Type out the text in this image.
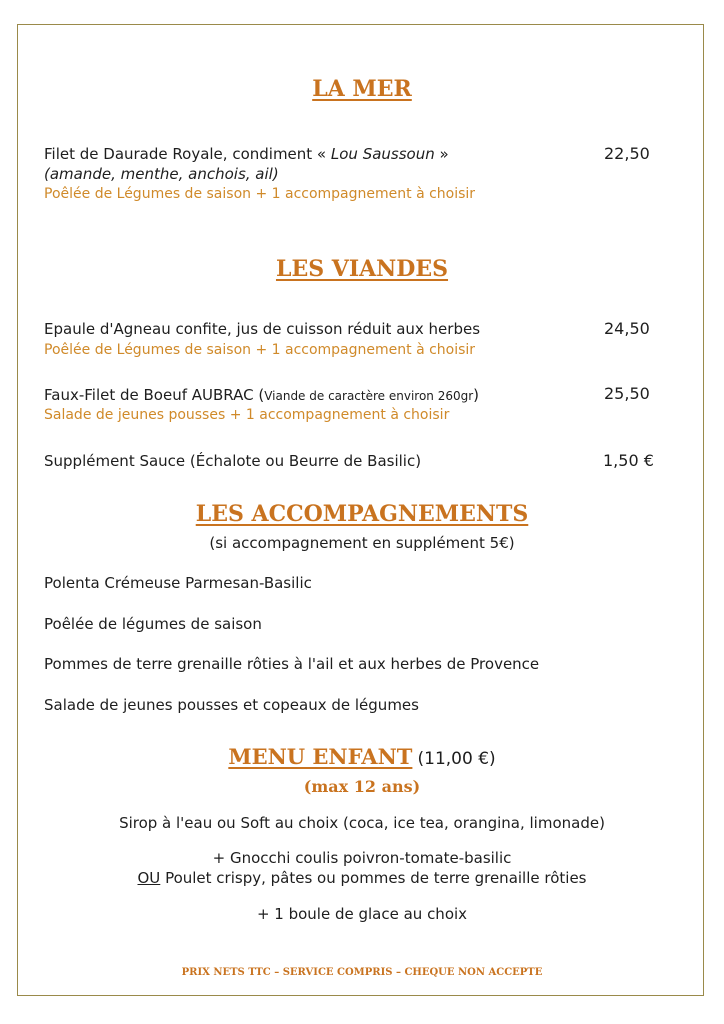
LA MER
Filet de Daurade Royale, condiment « Lou Saussoun »
(amande, menthe, anchois, ail)
Poêlée de Légumes de saison + 1 accompagnement à choisir
22,50
LES VIANDES
Epaule d'Agneau confite, jus de cuisson réduit aux herbes
Poêlée de Légumes de saison + 1 accompagnement à choisir
24,50
Faux-Filet de Boeuf AUBRAC (Viande de caractère environ 260gr)
Salade de jeunes pousses + 1 accompagnement à choisir
25,50
Supplément Sauce (Échalote ou Beurre de Basilic)	1,50 €
LES ACCOMPAGNEMENTS
(si accompagnement en supplément 5€)
Polenta Crémeuse Parmesan-Basilic
Poêlée de légumes de saison
Pommes de terre grenaille rôties à l'ail et aux herbes de Provence
Salade de jeunes pousses et copeaux de légumes
MENU ENFANT (11,00 €)
(max 12 ans)
Sirop à l'eau ou Soft au choix (coca, ice tea, orangina, limonade)
+ Gnocchi coulis poivron-tomate-basilic
OU Poulet crispy, pâtes ou pommes de terre grenaille rôties
+ 1 boule de glace au choix
PRIX NETS TTC – SERVICE COMPRIS – CHEQUE NON ACCEPTE
